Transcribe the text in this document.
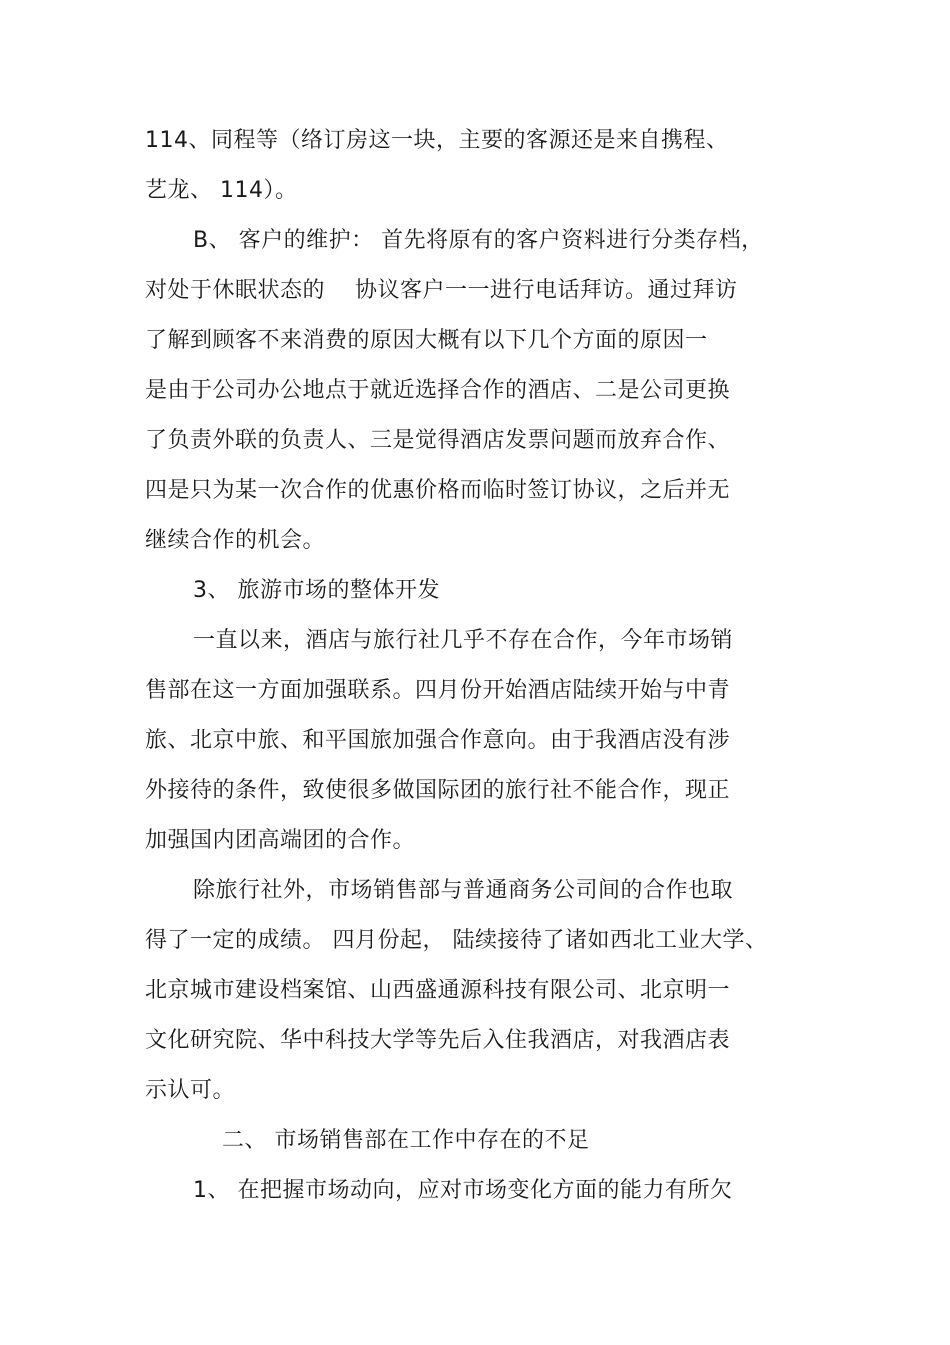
114、同程等（络订房这一块，主要的客源还是来自携程、
艺龙、 114）。
B、 客户的维护： 首先将原有的客户资料进行分类存档，
对处于休眠状态的 协议客户一一进行电话拜访。通过拜访
了解到顾客不来消费的原因大概有以下几个方面的原因一
是由于公司办公地点于就近选择合作的酒店、二是公司更换
了负责外联的负责人、三是觉得酒店发票问题而放弃合作、
四是只为某一次合作的优惠价格而临时签订协议，之后并无
继续合作的机会。
3、 旅游市场的整体开发
一直以来，酒店与旅行社几乎不存在合作，今年市场销
售部在这一方面加强联系。四月份开始酒店陆续开始与中青
旅、北京中旅、和平国旅加强合作意向。由于我酒店没有涉
外接待的条件，致使很多做国际团的旅行社不能合作，现正
加强国内团高端团的合作。
除旅行社外，市场销售部与普通商务公司间的合作也取
得了一定的成绩。 四月份起， 陆续接待了诸如西北工业大学、
北京城市建设档案馆、山西盛通源科技有限公司、北京明一
文化研究院、华中科技大学等先后入住我酒店，对我酒店表
示认可。
二、 市场销售部在工作中存在的不足
1、 在把握市场动向，应对市场变化方面的能力有所欠
